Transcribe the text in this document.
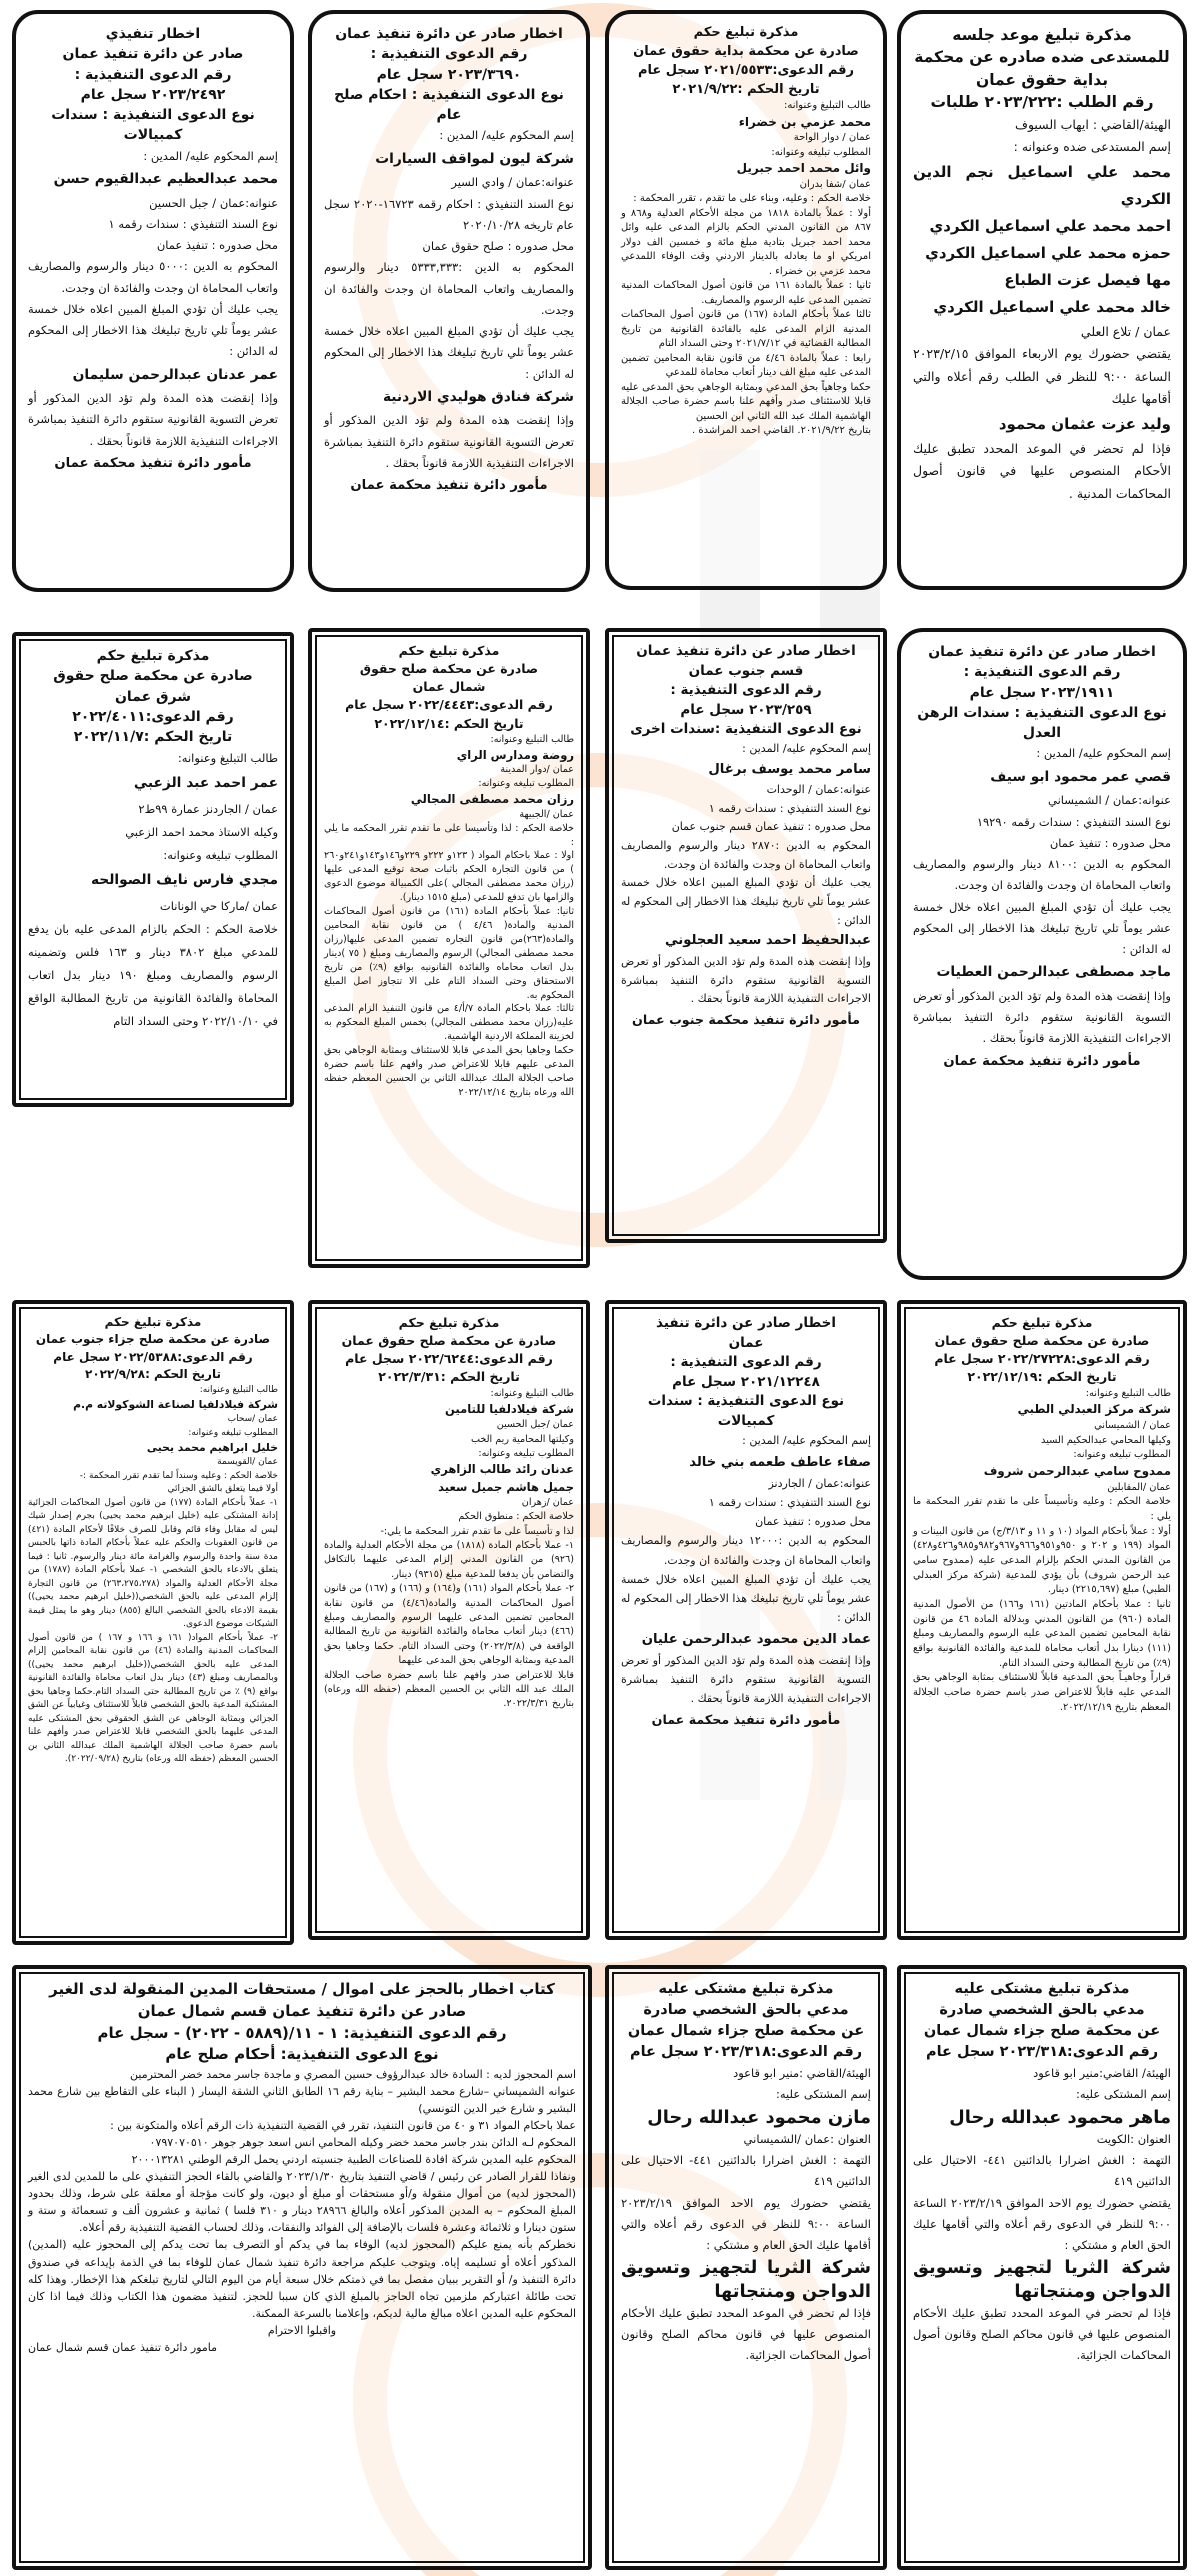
مذكرة تبليغ موعد جلسه
للمستدعى ضده صادره عن محكمة
بداية حقوق عمان
رقم الطلب :٢٠٢٣/٢٢٢ طلبات

الهيئة/القاضي : ايهاب السيوف

إسم المستدعى ضده وعنوانه :

محمد علي اسماعيل نجم الدين الكردي

احمد محمد علي اسماعيل الكردي

حمزه محمد علي اسماعيل الكردي

مها فيصل عزت الطباع

خالد محمد علي اسماعيل الكردي

عمان / تلاع العلي

يقتضي حضورك يوم الاربعاء الموافق ٢٠٢٣/٢/١٥ الساعة ٩:٠٠ للنظر في الطلب رقم أعلاه والتي أقامها عليك

وليد عزت عثمان محمود

فإذا لم تحضر في الموعد المحدد تطبق عليك الأحكام المنصوص عليها في قانون أصول المحاكمات المدنية .

مذكرة تبليغ حكم
صادرة عن محكمة بداية حقوق عمان
رقم الدعوى:٢٠٢١/٥٥٣٣ سجل عام
تاريخ الحكم :٢٠٢١/٩/٢٢

طالب التبليغ وعنوانه:

محمد عزمي بن خضراء

عمان / دوار الواحة

المطلوب تبليغه وعنوانه:

وائل محمد احمد جبريل

عمان /شفا بدران

خلاصة الحكم : وعليه، وبناء على ما تقدم ، تقرر المحكمة :

أولا : عملاً بالمادة ١٨١٨ من مجلة الأحكام العدلية و٨٦٨ و ٨٦٧ من القانون المدني الحكم بالزام المدعى عليه وائل محمد احمد جبريل بتادية مبلغ مائة و خمسين الف دولار امريكي او ما يعادله بالدينار الاردني وقت الوفاء اللمدعي محمد عزمي بن خضراء .

ثانيا : عملاً بالمادة ١٦١ من قانون أصول المحاكمات المدنية تضمين المدعى عليه الرسوم والمصاريف.

ثالثا عملاً بأحكام المادة (١٦٧) من قانون أصول المحاكمات المدنية الزام المدعى عليه بالفائدة القانونية من تاريخ المطالبة القضائية في ٢٠٢١/٧/١٢ وحتى السداد التام

رابعا : عملاً بالمادة ٤/٤٦ من قانون نقابة المحامين تضمين المدعى عليه مبلغ الف دينار أتعاب محاماة للمدعي

حكما وجاهياً بحق المدعي وبمثابة الوجاهي بحق المدعى عليه قابلا للاستئناف صدر وأفهم علنا باسم حضرة صاحب الجلالة الهاشمية الملك عبد الله الثاني ابن الحسين

بتاريخ ٢٠٢١/٩/٢٢. القاضي احمد المراشدة .

اخطار صادر عن دائرة تنفيذ عمان
رقم الدعوى التنفيذية :
٢٠٢٣/٣٦٩٠ سجل عام
نوع الدعوى التنفيذية : احكام صلح عام

إسم المحكوم عليه/ المدين :

شركة ليون لمواقف السيارات

عنوانه:عمان / وادي السير

نوع السند التنفيذي : احكام رقمه ١٦٧٢٣-٢٠٢٠ سجل عام تاريخه ٢٠٢٠/١٠/٢٨

محل صدوره : صلح حقوق عمان

المحكوم به الدين :٥٣٣٣,٣٣٣ دينار والرسوم والمصاريف واتعاب المحاماة ان وجدت والفائدة ان وجدت.

يجب عليك أن تؤدي المبلغ المبين اعلاه خلال خمسة عشر يوماً تلي تاريخ تبليغك هذا الاخطار إلى المحكوم له الدائن :

شركة فنادق هوليدي الاردنية

وإذا إنقضت هذه المدة ولم تؤد الدين المذكور أو تعرض التسوية القانونية ستقوم دائرة التنفيذ بمباشرة الاجراءات التنفيذية اللازمة قانوناً بحقك .

مأمور دائرة تنفيذ محكمة عمان

اخطار تنفيذي
صادر عن دائرة تنفيذ عمان
رقم الدعوى التنفيذية :
٢٠٢٣/٢٤٩٢ سجل عام
نوع الدعوى التنفيذية : سندات كمبيالات

إسم المحكوم عليه/ المدين :

محمد عبدالعظيم عبدالقيوم حسن

عنوانه:عمان / جبل الحسين

نوع السند التنفيذي : سندات رقمه ١

محل صدوره : تنفيذ عمان

المحكوم به الدين :٥٠٠٠ دينار والرسوم والمصاريف واتعاب المحاماة ان وجدت والفائدة ان وجدت.

يجب عليك أن تؤدي المبلغ المبين اعلاه خلال خمسة عشر يوماً تلي تاريخ تبليغك هذا الاخطار إلى المحكوم له الدائن :

عمر عدنان عبدالرحمن سليمان

وإذا إنقضت هذه المدة ولم تؤد الدين المذكور أو تعرض التسوية القانونية ستقوم دائرة التنفيذ بمباشرة الاجراءات التنفيذية اللازمة قانوناً بحقك .

مأمور دائرة تنفيذ محكمة عمان

اخطار صادر عن دائرة تنفيذ عمان
رقم الدعوى التنفيذية :
٢٠٢٣/١٩١١ سجل عام
نوع الدعوى التنفيذية : سندات الرهن العدل

إسم المحكوم عليه/ المدين :

قصي عمر محمود ابو سيف

عنوانه:عمان / الشميساني

نوع السند التنفيذي : سندات رقمه ١٩٢٩٠

محل صدوره : تنفيذ عمان

المحكوم به الدين :٨١٠٠ دينار والرسوم والمصاريف واتعاب المحاماة ان وجدت والفائدة ان وجدت.

يجب عليك أن تؤدي المبلغ المبين اعلاه خلال خمسة عشر يوماً تلي تاريخ تبليغك هذا الاخطار إلى المحكوم له الدائن :

ماجد مصطفى عبدالرحمن العطيات

وإذا إنقضت هذه المدة ولم تؤد الدين المذكور أو تعرض التسوية القانونية ستقوم دائرة التنفيذ بمباشرة الاجراءات التنفيذية اللازمة قانوناً بحقك .

مأمور دائرة تنفيذ محكمة عمان

اخطار صادر عن دائرة تنفيذ عمان
قسم جنوب عمان
رقم الدعوى التنفيذية :
٢٠٢٣/٢٥٩ سجل عام
نوع الدعوى التنفيذية :سندات اخرى

إسم المحكوم عليه/ المدين :

سامر محمد يوسف برغال

عنوانه:عمان / الوحدات

نوع السند التنفيذي : سندات رقمه ١

محل صدوره : تنفيذ عمان قسم جنوب عمان

المحكوم به الدين :٢٨٧٠ دينار والرسوم والمصاريف واتعاب المحاماة ان وجدت والفائدة ان وجدت.

يجب عليك أن تؤدي المبلغ المبين اعلاه خلال خمسة عشر يوماً تلي تاريخ تبليغك هذا الاخطار إلى المحكوم له الدائن :

عبدالحفيظ احمد سعيد العجلوني

وإذا إنقضت هذه المدة ولم تؤد الدين المذكور أو تعرض التسوية القانونية ستقوم دائرة التنفيذ بمباشرة الاجراءات التنفيذية اللازمة قانوناً بحقك .

مأمور دائرة تنفيذ محكمة جنوب عمان

مذكرة تبليغ حكم
صادرة عن محكمة صلح حقوق
شمال عمان
رقم الدعوى:٢٠٢٢/٤٤٤٣ سجل عام
تاريخ الحكم :٢٠٢٢/١٢/١٤

طالب التبليغ وعنوانه:

روضة ومدارس الراي

عمان /دوار المدينة

المطلوب تبليغه وعنوانه:

رزان محمد مصطفى المجالي

عمان /الجبيهة

خلاصة الحكم : لذا وتأسيسا على ما تقدم تقرر المحكمه ما يلي :

اولا : عملا باحكام المواد ( ١٢٣و ٢٢٢و ٢٢٩و١٤٦و١٤٣و٢٤١و٢٦٠ ) من قانون التجارة الحكم باثبات صحة توقيع المدعى عليها (رزان محمد مصطفى المجالي )على الكمبيالة موضوع الدعوى والزامها بان تدفع للمدعي (مبلغ ١٥١٥ دينار).

ثانيا: عملاً بأحكام المادة (١٦١) من قانون أصول المحاكمات المدنية والمادة( ٤/٤٦ ) من قانون نقابة المحامين والمادة(٢٦٣)من قانون التجاره تضمين المدعى عليها(رزان محمد مصطفى المجالي) الرسوم والمصاريف ومبلغ ( ٧٥ )دينار بدل اتعاب محاماه والفائدة القانونيه بواقع (٩٪) من تاريخ الاستحقاق وحتى السداد التام على الا تتجاوز اصل المبلغ المحكوم به.

ثالثا: عملا باحكام المادة ٧/أ/٤ من قانون التنفيذ الزام المدعى عليه(رزان محمد مصطفى المجالي) بخمس المبلغ المحكوم به لخزينة المملكة الاردنية الهاشمية.

حكما وجاهيا بحق المدعي قابلا للاستئناف وبمثابة الوجاهي بحق المدعى عليهم قابلا للاعتراض صدر وافهم علنا باسم حضرة صاحب الجلالة الملك عبدالله الثاني بن الحسين المعظم حفظه الله ورعاه بتاريخ ٢٠٢٢/١٢/١٤

مذكرة تبليغ حكم
صادرة عن محكمة صلح حقوق
شرق عمان
رقم الدعوى:٢٠٢٢/٤٠١١
تاريخ الحكم :٢٠٢٢/١١/٧

طالب التبليغ وعنوانه:

عمر احمد عبد الزعبي

عمان / الجاردنز عمارة ٩٩ط٢

وكيله الاستاذ محمد احمد الزعبي

المطلوب تبليغه وعنوانه:

مجدي فارس نايف الصوالحه

عمان /ماركا حي الونانات

خلاصة الحكم : الحكم بالزام المدعى عليه بان يدفع للمدعي مبلغ ٣٨٠٢ دينار و ١٦٣ فلس وتضمينه الرسوم والمصاريف ومبلغ ١٩٠ دينار بدل اتعاب المحاماة والفائدة القانونية من تاريخ المطالبة الواقع في ٢٠٢٢/١٠/١٠ وحتى السداد التام

مذكرة تبليغ حكم
صادرة عن محكمة صلح حقوق عمان
رقم الدعوى:٢٠٢٢/٢٧٢٢٨ سجل عام
تاريخ الحكم :٢٠٢٢/١٢/١٩

طالب التبليغ وعنوانه:

شركة مركز العبدلي الطبي

عمان / الشميساني

وكيلها المحامي عبدالحكيم السيد

المطلوب تبليغه وعنوانه:

ممدوح سامي عبدالرحمن شروف

عمان /المقابلين

خلاصة الحكم : وعليه وتأسيساً على ما تقدم تقرر المحكمة ما يلي :

أولا : عملاً بأحكام المواد (١٠ و ١١ و ٣/١٣/ج) من قانون البينات و المواد (١٩٩ و ٢٠٢ و ٩٥٠و٩٥١و٩٦٦و٩٦٧و٩٨٢و٩٨٥و٤٢٦و٤٢٨) من القانون المدني الحكم بإلزام المدعى عليه (ممدوح سامي عبد الرحمن شروف) بأن يؤدي للمدعية (شركة مركز العبدلي الطبي) مبلغ (٢٢١٥,٦٩٧) دينار.

ثانيا : عملا بأحكام المادتين (١٦١ و١٦٦) من الأصول المدنية المادة (٩٦٠) من القانون المدني وبدلالة المادة ٤٦ من قانون نقابة المحامين تضمين المدعي عليه الرسوم والمصاريف ومبلغ (١١١) دينارا بدل أتعاب محاماة للمدعية والفائدة القانونية بواقع (٩٪) من تاريخ المطالبة وحتى السداد التام.

قراراً وجاهيـاً بحق المدعية قابلاً للاستئناف بمثابة الوجاهي بحق المدعي عليه قابلاً للاعتراض صدر باسم حضرة صاحب الجلالة المعظم بتاريخ ٢٠٢٢/١٢/١٩.

اخطار صادر عن دائرة تنفيذ
عمان
رقم الدعوى التنفيذية :
٢٠٢١/١٢٢٤٨ سجل عام
نوع الدعوى التنفيذية : سندات كمبيالات

إسم المحكوم عليه/ المدين :

صفاء عاطف طعمه بني خالد

عنوانه:عمان / الجاردنز

نوع السند التنفيذي : سندات رقمه ١

محل صدوره : تنفيذ عمان

المحكوم به الدين :١٢٠٠٠ دينار والرسوم والمصاريف واتعاب المحاماة ان وجدت والفائدة ان وجدت.

يجب عليك أن تؤدي المبلغ المبين اعلاه خلال خمسة عشر يوماً تلي تاريخ تبليغك هذا الاخطار إلى المحكوم له الدائن :

عماد الدين محمود عبدالرحمن عليان

وإذا إنقضت هذه المدة ولم تؤد الدين المذكور أو تعرض التسوية القانونية ستقوم دائرة التنفيذ بمباشرة الاجراءات التنفيذية اللازمة قانوناً بحقك .

مأمور دائرة تنفيذ محكمة عمان

مذكرة تبليغ حكم
صادرة عن محكمة صلح حقوق عمان
رقم الدعوى:٢٠٢٢/٦٢٤٤ سجل عام
تاريخ الحكم :٢٠٢٢/٣/٣١

طالب التبليغ وعنوانه:

شركة فيلادلفيا للتامين

عمان /جبل الحسين

وكيلتها المحامية ريم الخب

المطلوب تبليغه وعنوانه:

عدنان رائد طالب الزاهري

جميل هاشم جميل سعيد

عمان /زهران

خلاصة الحكم : منطوق الحكم

لذا و تأسيساً على ما تقدم تقرر المحكمة ما يلي:-

١- عملا بأحكام المادة (١٨١٨) من مجلة الأحكام العدلية والمادة (٩٢٦) من القانون المدني إلزام المدعى عليهما بالتكافل والتضامن بأن يدفعا للمدعية مبلغ (٩٣١٥) دينار.

٢- عملا بأحكام المواد (١٦١) و(١٦٤) و (١٦٦) و (١٦٧) من قانون أصول المحاكمات المدنية والمادة(٤/٤٦) من قانون نقابة المحامين تضمين المدعى عليهما الرسوم والمصاريف ومبلغ (٤٦٦) دينار أتعاب محاماة والفائدة القانونية من تاريخ المطالبة الواقعة في (٢٠٢٢/٣/٨) وحتى السداد التام. حكما وجاهيا بحق المدعية وبمثابة الوجاهي بحق المدعى عليهما

قابلا للاعتراض صدر وافهم علنا باسم حضرة صاحب الجلالة الملك عبد الله الثاني بن الحسين المعظم (حفظه الله ورعاه) بتاريخ ٢٠٢٢/٣/٣١.

مذكرة تبليغ حكم
صادرة عن محكمة صلح جزاء جنوب عمان
رقم الدعوى:٢٠٢٢/٥٣٨٨ سجل عام
تاريخ الحكم :٢٠٢٢/٩/٢٨

طالب التبليغ وعنوانه:

شركة فيلادلفيا لصناعة الشوكولاته م.م

عمان /سحاب

المطلوب تبليغه وعنوانه:

خليل ابراهيم محمد يحيى

عمان /القويسمة

خلاصة الحكم : وعليه وسنداً لما تقدم تقرر المحكمة :-

أولا فيما يتعلق بالشق الجزائي

١- عملاً بأحكام المادة (١٧٧) من قانون أصول المحاكمات الجزائية إدانة المشتكى عليه (خليل ابرهيم محمد يحيى) بجرم إصدار شيك ليس له مقابل وفاء قائم وقابل للصرف خلافًا لأحكام المادة (٤٢١) من قانون العقوبات والحكم عليه عملاً بأحكام المادة ذاتها بالحبس مدة سنة واحدة والرسوم والغرامة مائة دينار والرسوم. ثانيا : فيما يتعلق بالادعاء بالحق الشخصي ١- عملا بأحكام المادة (١٧٨٧) من مجلة الأحكام العدلية والمواد (٢٦٣،٢٧٥،٢٧٨) من قانون التجارة إلزام المدعى عليه بالحق الشخصي((خليل ابرهيم محمد يحيى)) بقيمة الادعاء بالحق الشخصي البالغ (٨٥٥) دينار وهو ما يمثل قيمة الشيكات موضوع الدعوى.

٢- عملاً بأحكام المواد( ١٦١ و ١٦٦ و ١٦٧ ) من قانون أصول المحاكمات المدنية والمادة (٤٦) من قانون نقابة المحامين إلزام المدعى عليه بالحق الشخصي((خليل ابرهيم محمد يحيى)) وبالمصاريف ومبلغ (٤٣) دينار بدل اتعاب محاماة والفائدة القانونية بواقع (٩) ٪ من تاريخ المطالبة حتى السداد التام.حكما وجاهيا بحق المشتكية المدعية بالحق الشخصي قابلاً للاستئناف وغيابياً عن الشق الجزائي وبمثابة الوجاهي عن الشق الحقوقي بحق المشتكى عليه المدعى عليهما بالحق الشخصي قابلا للاعتراض صدر وأفهم علنا باسم حضرة صاحب الجلالة الهاشمية الملك عبدالله الثاني بن الحسين المعظم (حفظه الله ورعاه) بتاريخ (٢٠٢٢/٠٩/٢٨).

مذكرة تبليغ مشتكى عليه
مدعي بالحق الشخصي صادرة
عن محكمة صلح جزاء شمال عمان
رقم الدعوى:٢٠٢٣/٣١٨ سجل عام

الهيئة/ القاضي:منير ابو قاعود

إسم المشتكى عليه:

ماهر محمود عبدالله رحال

العنوان :الكويت

التهمة : الغش اضرارا بالدائنين ٤٤١- الاحتيال على الدائنين ٤١٩

يقتضي حضورك يوم الاحد الموافق ٢٠٢٣/٢/١٩ الساعة ٩:٠٠ للنظر في الدعوى رقم أعلاه والتي أقامها عليك الحق العام و مشتكي :

شركة الثريا لتجهيز وتسويق الدواجن ومنتجاتها

فإذا لم تحضر في الموعد المحدد تطبق عليك الأحكام المنصوص عليها في قانون محاكم الصلح وقانون أصول المحاكمات الجزائية.

مذكرة تبليغ مشتكى عليه
مدعي بالحق الشخصي صادرة
عن محكمة صلح جزاء شمال عمان
رقم الدعوى:٢٠٢٣/٣١٨ سجل عام

الهيئة/القاضي :منير ابو قاعود

إسم المشتكى عليه:

مازن محمود عبدالله رحال

العنوان :عمان /الشميساني

التهمة : الغش اضرارا بالدائنين ٤٤١- الاحتيال على الدائنين ٤١٩

يقتضي حضورك يوم الاحد الموافق ٢٠٢٣/٢/١٩ الساعة ٩:٠٠ للنظر في الدعوى رقم أعلاه والتي أقامها عليك الحق العام و مشتكي :

شركة الثريا لتجهيز وتسويق الدواجن ومنتجاتها

فإذا لم تحضر في الموعد المحدد تطبق عليك الأحكام المنصوص عليها في قانون محاكم الصلح وقانون أصول المحاكمات الجزائية.

كتاب اخطار بالحجز على اموال / مستحقات المدين المنقولة لدى الغير
صادر عن دائرة تنفيذ عمان قسم شمال عمان
رقم الدعوى التنفيذية: ١ - ١١/(٥٨٨٩ - ٢٠٢٢) - سجل عام
نوع الدعوى التنفيذية: أحكام صلح عام

اسم المحجوز لديه : السادة خالد عبدالرؤوف حسين المصري و ماجدة جاسر محمد خضر المحترمين

عنوانه الشميساني –شارع محمد البشير – بناية رقم ١٦ الطابق الثاني الشقة اليسار ( البناء على التقاطع بين شارع محمد البشير و شارع خير الدين التونسي)

عملا باحكام المواد ٣١ و ٤٠ من قانون التنفيذ، تقرر في القضية التنفيذية ذات الرقم أعلاه والمتكونة بين :

المحكوم لـه الدائن بندر جاسر محمد خضر وكيله المحامي انس اسعد جوهر جوهر ٠٧٩٧٠٧٠٥١٠

المحكوم عليه المدين شركة افادة للصناعات الطبية جنسيته اردني يحمل الرقم الوطني ٢٠٠٠١٣٢٨١

ونفاذا للقرار الصادر عن رئيس / قاضي التنفيذ بتاريخ ٢٠٢٣/١/٣٠ والقاضي بالقاء الحجز التنفيذي على ما للمدين لدى الغير (المحجوز لديه) من أموال منقولة و/أو مستحقات أو مبلغ أو ديون، ولو كانت مؤجلة أو معلقة على شرط، وذلك بحدود المبلغ المحكوم – به المدين المذكور أعلاه والبالغ ٢٨٩٦٦ دينار و ٣١٠ فلسا ) ثمانية و عشرون ألف و تسعمائة و ستة و ستون دينارا و ثلاثمائة وعشرة فلسات بالإضافة إلى الفوائد والنفقات، وذلك لحساب القضية التنفيذية رقم أعلاه.

نخطركم بأنه يمنع عليكم (المحجوز لديه) الوفاء بما في يدكم أو التصرف بما تحت يدكم إلى المحجوز عليه (المدين) المذكور أعلاه أو تسليمه إياه. ويتوجب عليكم مراجعة دائرة تنفيذ شمال عمان للوفاء بما في الذمة بإيداعه في صندوق دائرة التنفيذ و/ أو التقرير ببيان مفصل بما في ذمتكم خلال سبعة أيام من اليوم التالي لتاريخ تبلغكم هذا الإخطار. وهذا كله تحت طائلة اعتباركم ملزمين تجاه الحاجز بالمبلغ الذي كان سببا للحجز. لتنفيذ مضمون هذا الكتاب وذلك فيما اذا كان المحكوم عليه المدين اعلاه مبالغ مالية لديكم، وإعلامنا بالسرعة الممكنة.

واقبلوا الاحترام

مامور دائرة تنفيذ عمان قسم شمال عمان
